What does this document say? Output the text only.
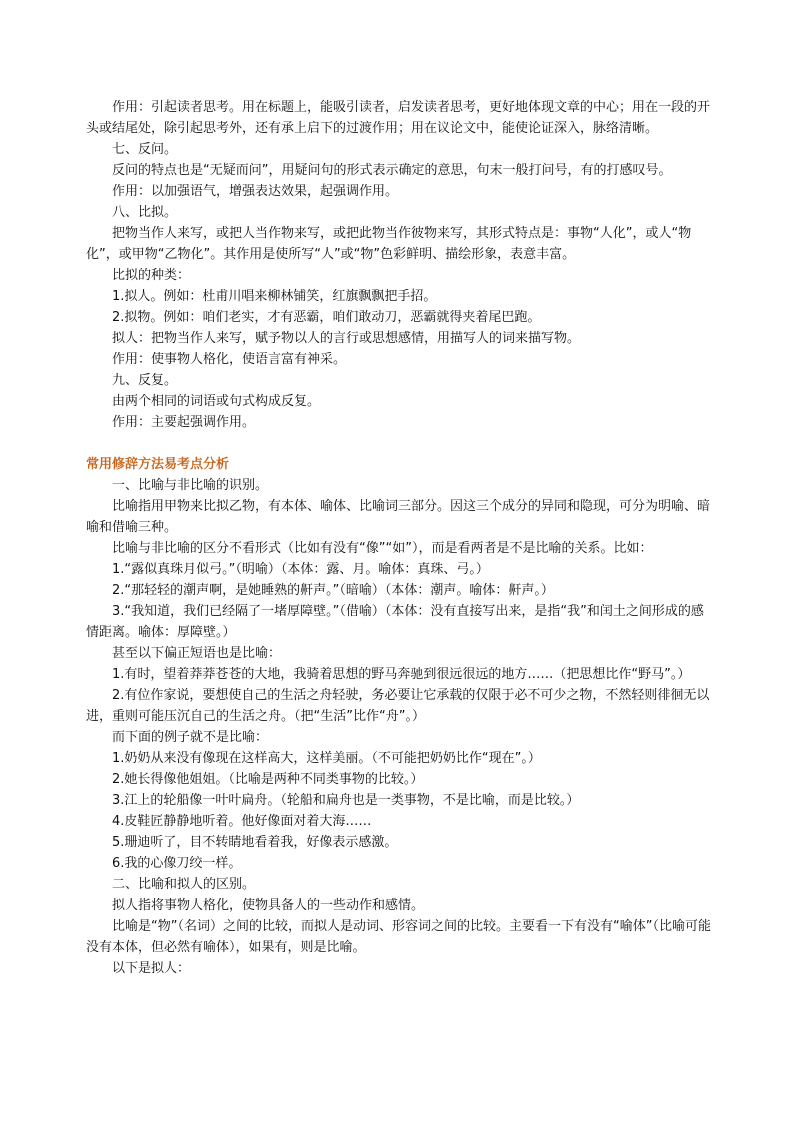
作用：引起读者思考。用在标题上，能吸引读者，启发读者思考，更好地体现文章的中心；用在一段的开头或结尾处，除引起思考外，还有承上启下的过渡作用；用在议论文中，能使论证深入，脉络清晰。

七、反问。

反问的特点也是“无疑而问”，用疑问句的形式表示确定的意思，句末一般打问号，有的打感叹号。

作用：以加强语气，增强表达效果，起强调作用。

八、比拟。

把物当作人来写，或把人当作物来写，或把此物当作彼物来写，其形式特点是：事物“人化”，或人“物化”，或甲物“乙物化”。其作用是使所写“人”或“物”色彩鲜明、描绘形象，表意丰富。

比拟的种类：

1.拟人。例如：杜甫川唱来柳林铺笑，红旗飘飘把手招。

2.拟物。例如：咱们老实，才有恶霸，咱们敢动刀，恶霸就得夹着尾巴跑。

拟人：把物当作人来写，赋予物以人的言行或思想感情，用描写人的词来描写物。

作用：使事物人格化，使语言富有神采。

九、反复。

由两个相同的词语或句式构成反复。

作用：主要起强调作用。

常用修辞方法易考点分析

一、比喻与非比喻的识别。

比喻指用甲物来比拟乙物，有本体、喻体、比喻词三部分。因这三个成分的异同和隐现，可分为明喻、暗喻和借喻三种。

比喻与非比喻的区分不看形式（比如有没有“像”“如”），而是看两者是不是比喻的关系。比如：

1.“露似真珠月似弓。”（明喻）（本体：露、月。喻体：真珠、弓。）

2.“那轻轻的潮声啊，是她睡熟的鼾声。”（暗喻）（本体：潮声。喻体：鼾声。）

3.“我知道，我们已经隔了一堵厚障壁。”（借喻）（本体：没有直接写出来，是指“我”和闰土之间形成的感情距离。喻体：厚障壁。）

甚至以下偏正短语也是比喻：

1.有时，望着莽莽苍苍的大地，我骑着思想的野马奔驰到很远很远的地方……（把思想比作“野马”。）

2.有位作家说，要想使自己的生活之舟轻驶，务必要让它承载的仅限于必不可少之物，不然轻则徘徊无以进，重则可能压沉自己的生活之舟。（把“生活”比作“舟”。）

而下面的例子就不是比喻：

1.奶奶从来没有像现在这样高大，这样美丽。（不可能把奶奶比作“现在”。）

2.她长得像他姐姐。（比喻是两种不同类事物的比较。）

3.江上的轮船像一叶叶扁舟。（轮船和扁舟也是一类事物，不是比喻，而是比较。）

4.皮鞋匠静静地听着。他好像面对着大海……

5.珊迪听了，目不转睛地看着我，好像表示感激。

6.我的心像刀绞一样。

二、比喻和拟人的区别。

拟人指将事物人格化，使物具备人的一些动作和感情。

比喻是“物”（名词）之间的比较，而拟人是动词、形容词之间的比较。主要看一下有没有“喻体”（比喻可能没有本体，但必然有喻体），如果有，则是比喻。

以下是拟人：
